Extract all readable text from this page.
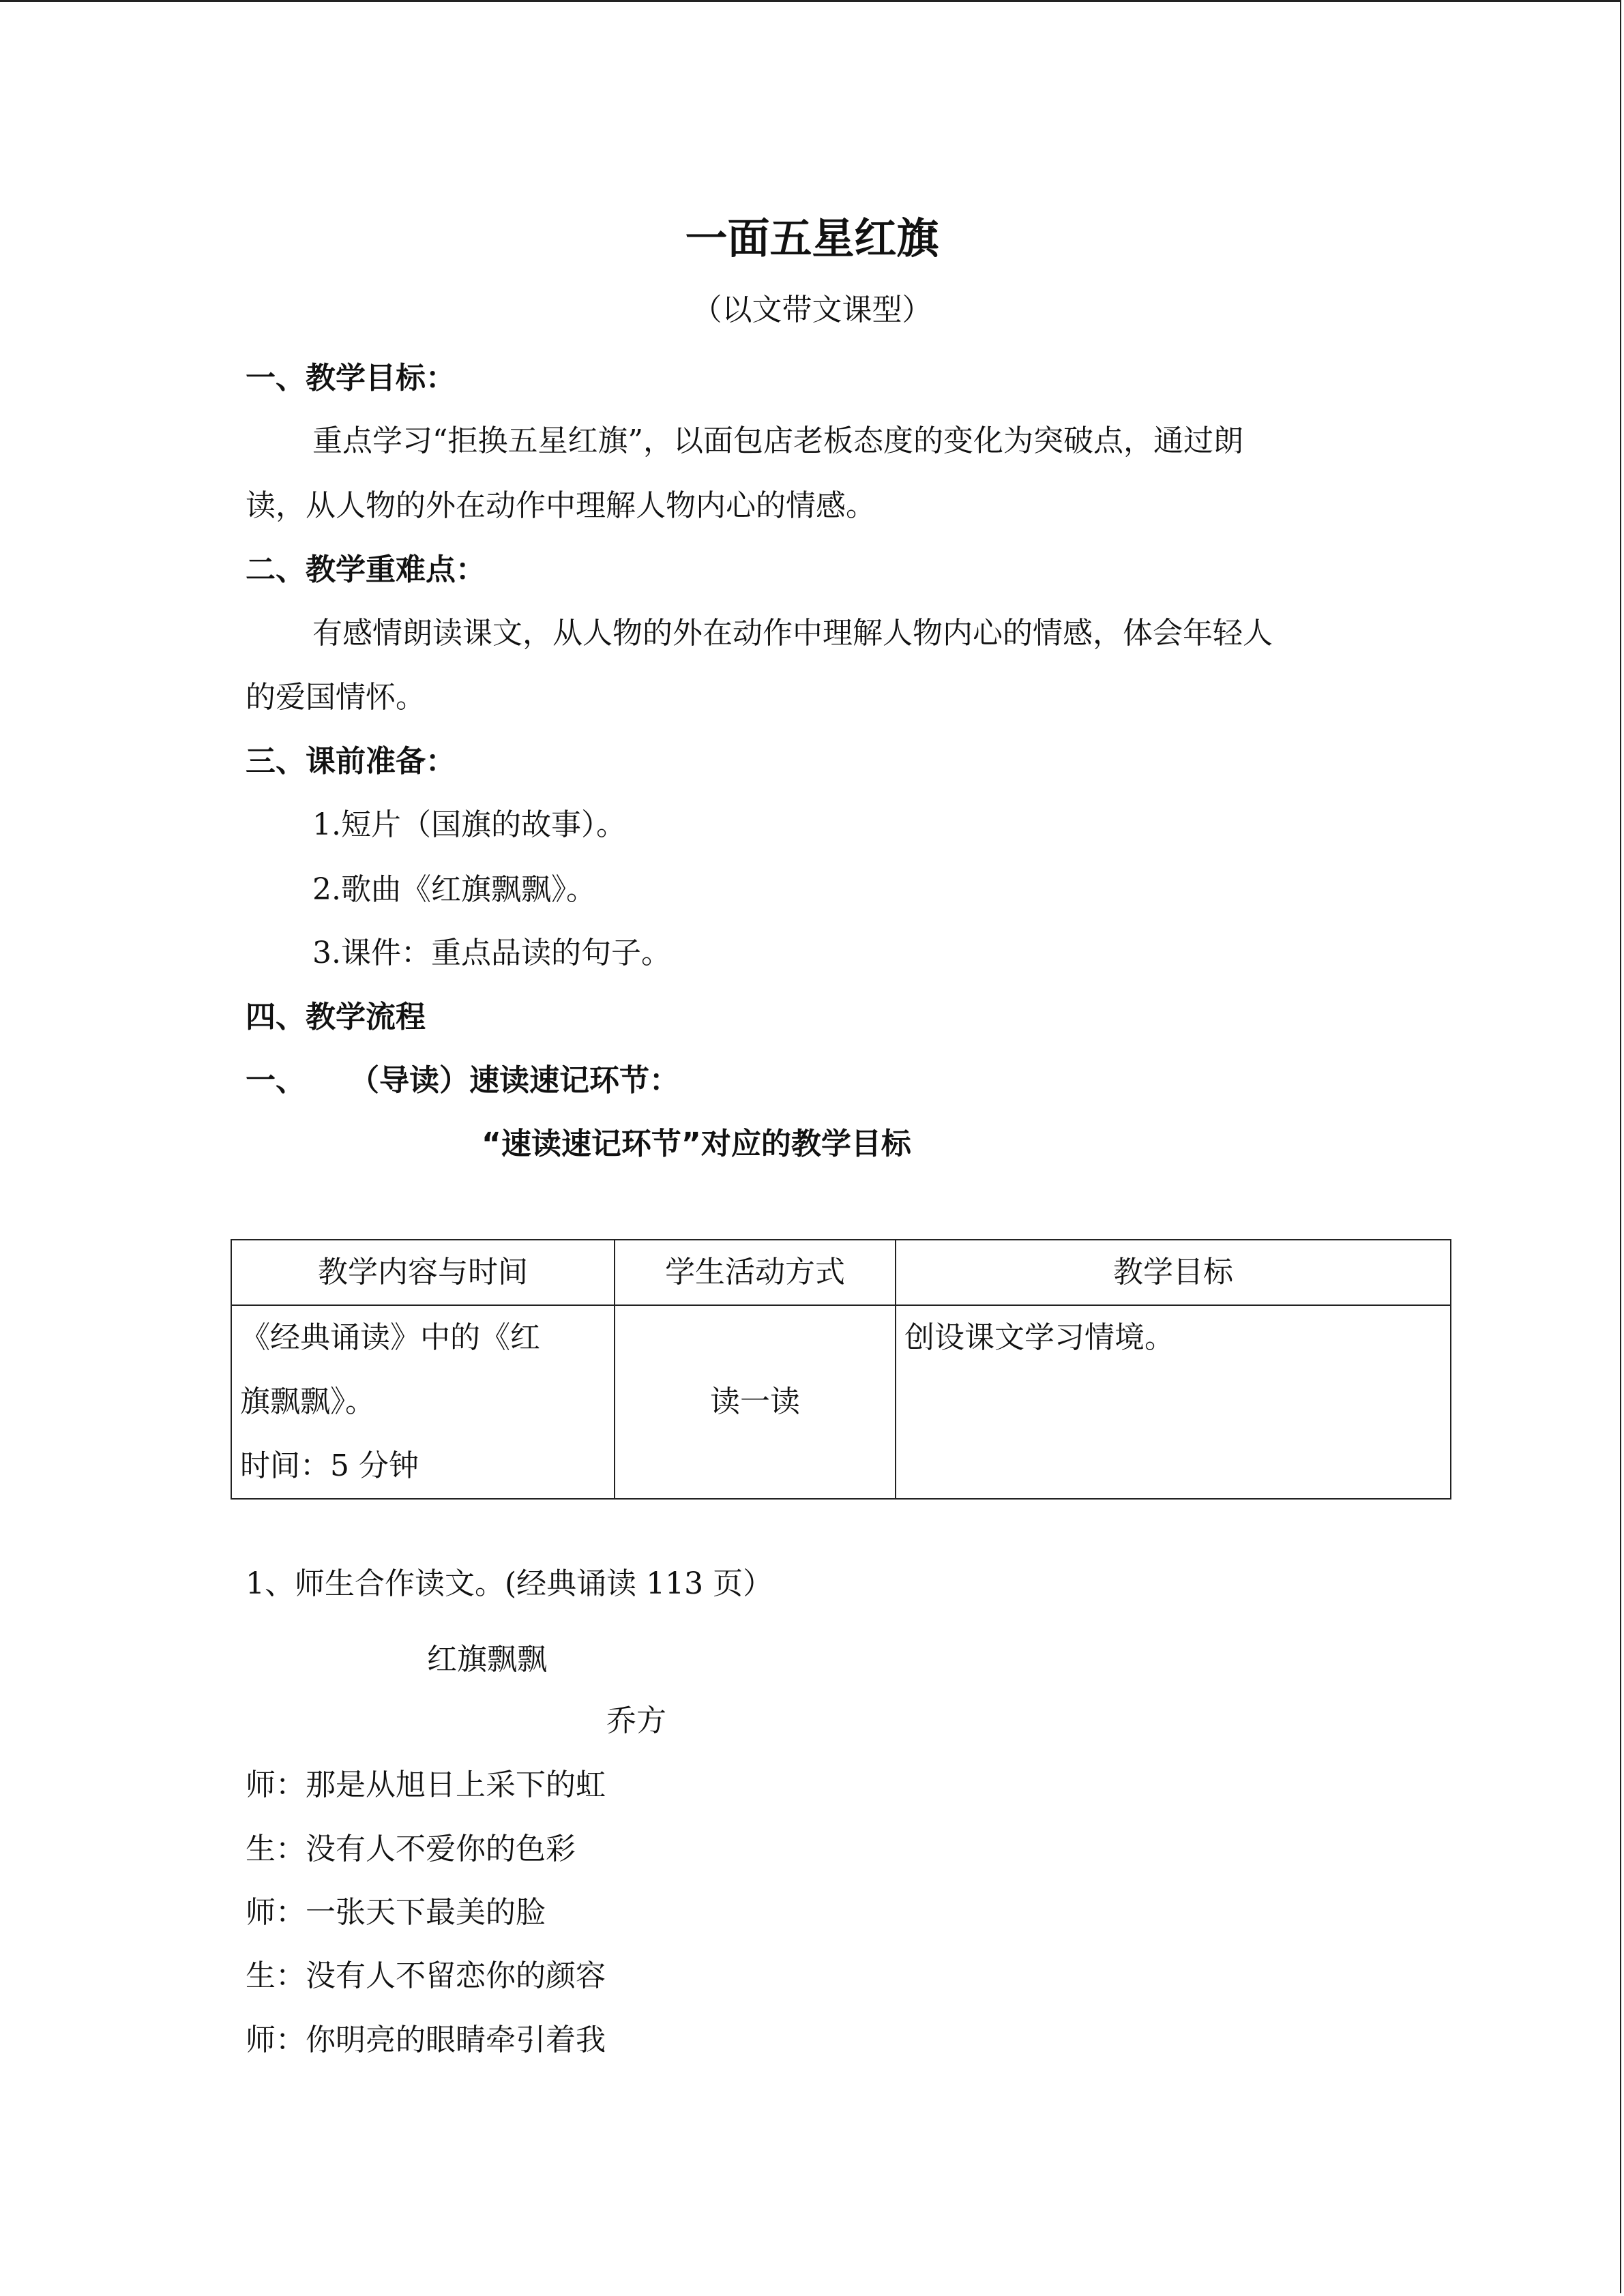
一面五星红旗
（以文带文课型）
一、教学目标：
重点学习“拒换五星红旗”，以面包店老板态度的变化为突破点，通过朗
读，从人物的外在动作中理解人物内心的情感。
二、教学重难点：
有感情朗读课文，从人物的外在动作中理解人物内心的情感，体会年轻人
的爱国情怀。
三、课前准备：
1.短片（国旗的故事）。
2.歌曲《红旗飘飘》。
3.课件：重点品读的句子。
四、教学流程
一、 （导读）速读速记环节：
“速读速记环节”对应的教学目标
教学内容与时间	学生活动方式	教学目标

《经典诵读》中的《红
旗飘飘》。
时间：5 分钟	读一读	创设课文学习情境。
1、师生合作读文。(经典诵读 113 页）
红旗飘飘
乔方
师：那是从旭日上采下的虹
生：没有人不爱你的色彩
师：一张天下最美的脸
生：没有人不留恋你的颜容
师：你明亮的眼睛牵引着我
